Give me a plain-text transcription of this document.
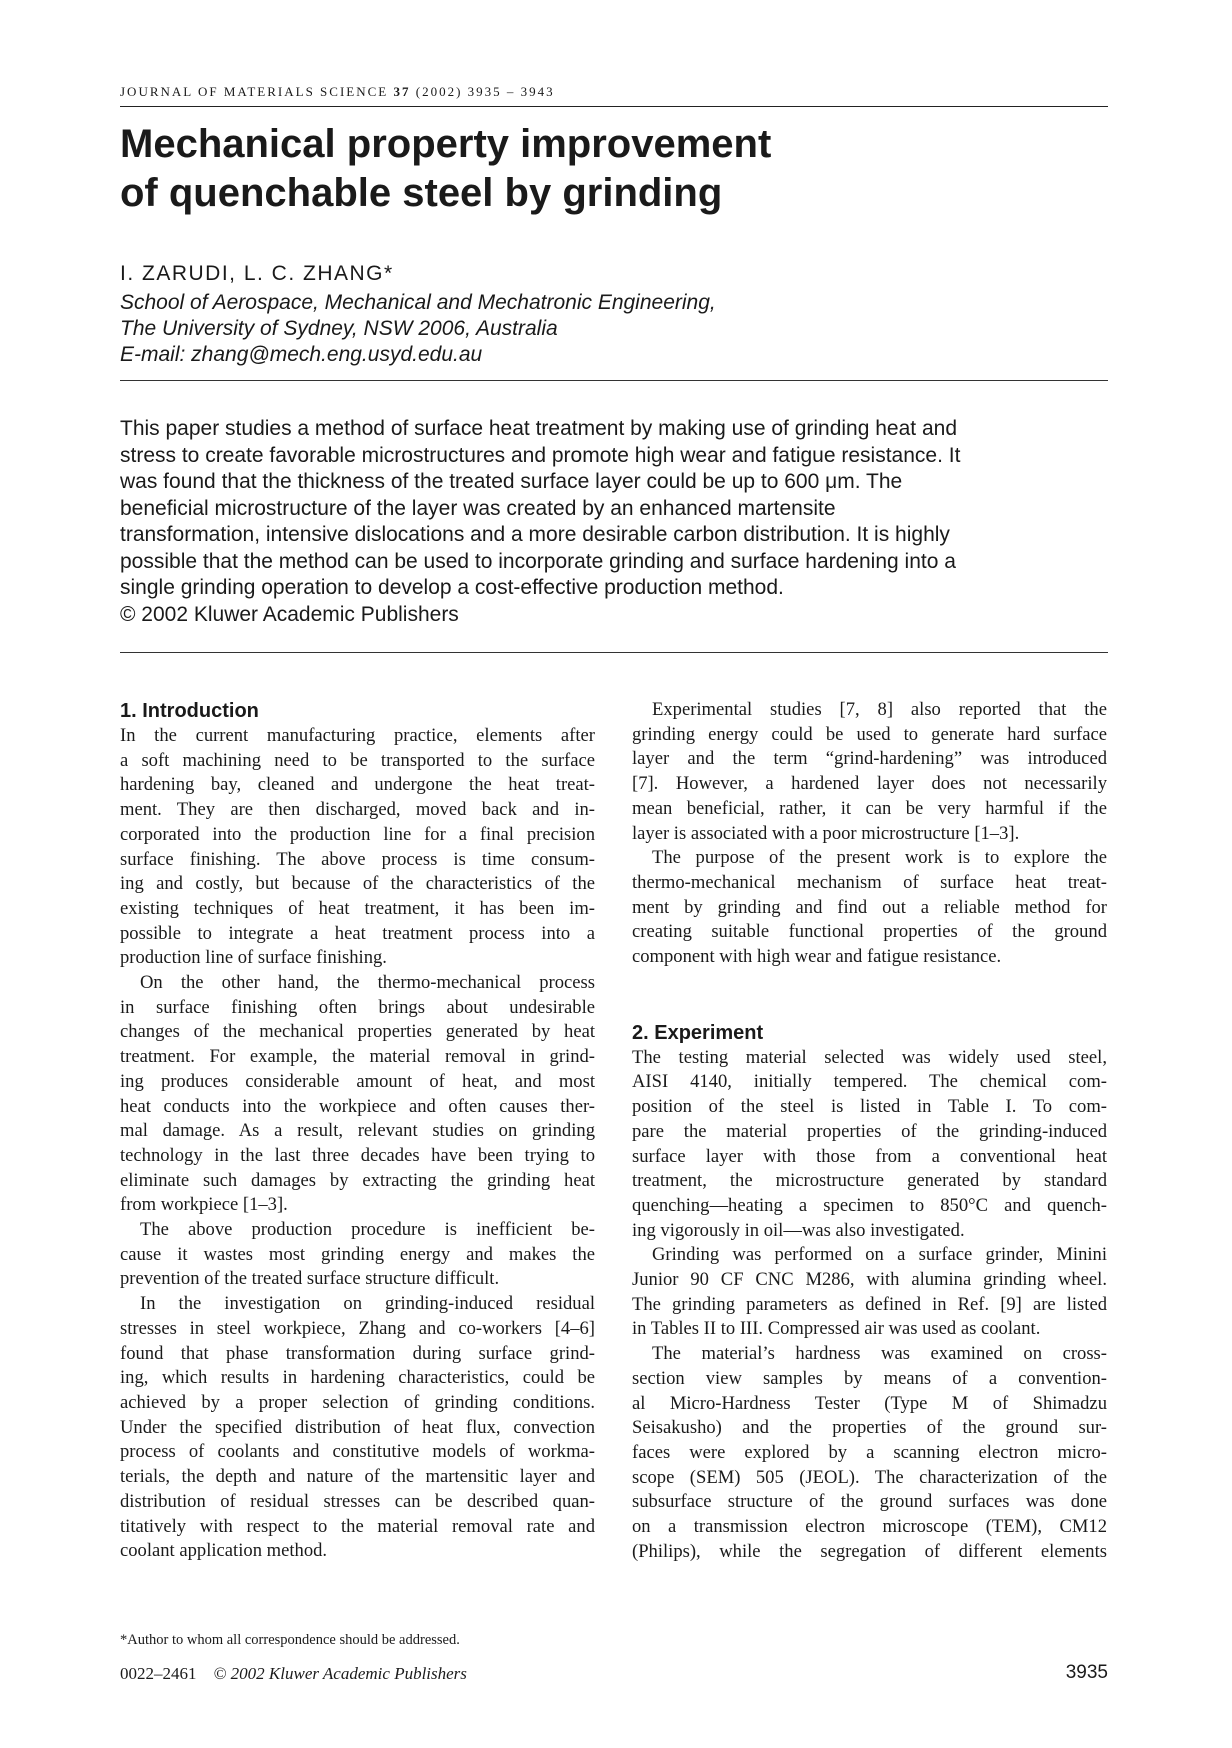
JOURNAL OF MATERIALS SCIENCE 37 (2002) 3935 – 3943
Mechanical property improvement
of quenchable steel by grinding
I. ZARUDI, L. C. ZHANG*
School of Aerospace, Mechanical and Mechatronic Engineering,
The University of Sydney, NSW 2006, Australia
E-mail: zhang@mech.eng.usyd.edu.au
This paper studies a method of surface heat treatment by making use of grinding heat and
stress to create favorable microstructures and promote high wear and fatigue resistance. It
was found that the thickness of the treated surface layer could be up to 600 μm. The
beneficial microstructure of the layer was created by an enhanced martensite
transformation, intensive dislocations and a more desirable carbon distribution. It is highly
possible that the method can be used to incorporate grinding and surface hardening into a
single grinding operation to develop a cost-effective production method.
© 2002 Kluwer Academic Publishers
1. Introduction
In the current manufacturing practice, elements after
a soft machining need to be transported to the surface
hardening bay, cleaned and undergone the heat treat-
ment. They are then discharged, moved back and in-
corporated into the production line for a final precision
surface finishing. The above process is time consum-
ing and costly, but because of the characteristics of the
existing techniques of heat treatment, it has been im-
possible to integrate a heat treatment process into a
production line of surface finishing.
On the other hand, the thermo-mechanical process
in surface finishing often brings about undesirable
changes of the mechanical properties generated by heat
treatment. For example, the material removal in grind-
ing produces considerable amount of heat, and most
heat conducts into the workpiece and often causes ther-
mal damage. As a result, relevant studies on grinding
technology in the last three decades have been trying to
eliminate such damages by extracting the grinding heat
from workpiece [1–3].
The above production procedure is inefficient be-
cause it wastes most grinding energy and makes the
prevention of the treated surface structure difficult.
In the investigation on grinding-induced residual
stresses in steel workpiece, Zhang and co-workers [4–6]
found that phase transformation during surface grind-
ing, which results in hardening characteristics, could be
achieved by a proper selection of grinding conditions.
Under the specified distribution of heat flux, convection
process of coolants and constitutive models of workma-
terials, the depth and nature of the martensitic layer and
distribution of residual stresses can be described quan-
titatively with respect to the material removal rate and
coolant application method.
Experimental studies [7, 8] also reported that the
grinding energy could be used to generate hard surface
layer and the term “grind-hardening” was introduced
[7]. However, a hardened layer does not necessarily
mean beneficial, rather, it can be very harmful if the
layer is associated with a poor microstructure [1–3].
The purpose of the present work is to explore the
thermo-mechanical mechanism of surface heat treat-
ment by grinding and find out a reliable method for
creating suitable functional properties of the ground
component with high wear and fatigue resistance.
2. Experiment
The testing material selected was widely used steel,
AISI 4140, initially tempered. The chemical com-
position of the steel is listed in Table I. To com-
pare the material properties of the grinding-induced
surface layer with those from a conventional heat
treatment, the microstructure generated by standard
quenching—heating a specimen to 850°C and quench-
ing vigorously in oil—was also investigated.
Grinding was performed on a surface grinder, Minini
Junior 90 CF CNC M286, with alumina grinding wheel.
The grinding parameters as defined in Ref. [9] are listed
in Tables II to III. Compressed air was used as coolant.
The material’s hardness was examined on cross-
section view samples by means of a convention-
al Micro-Hardness Tester (Type M of Shimadzu
Seisakusho) and the properties of the ground sur-
faces were explored by a scanning electron micro-
scope (SEM) 505 (JEOL). The characterization of the
subsurface structure of the ground surfaces was done
on a transmission electron microscope (TEM), CM12
(Philips), while the segregation of different elements
*Author to whom all correspondence should be addressed.
0022–2461 © 2002 Kluwer Academic Publishers	3935
